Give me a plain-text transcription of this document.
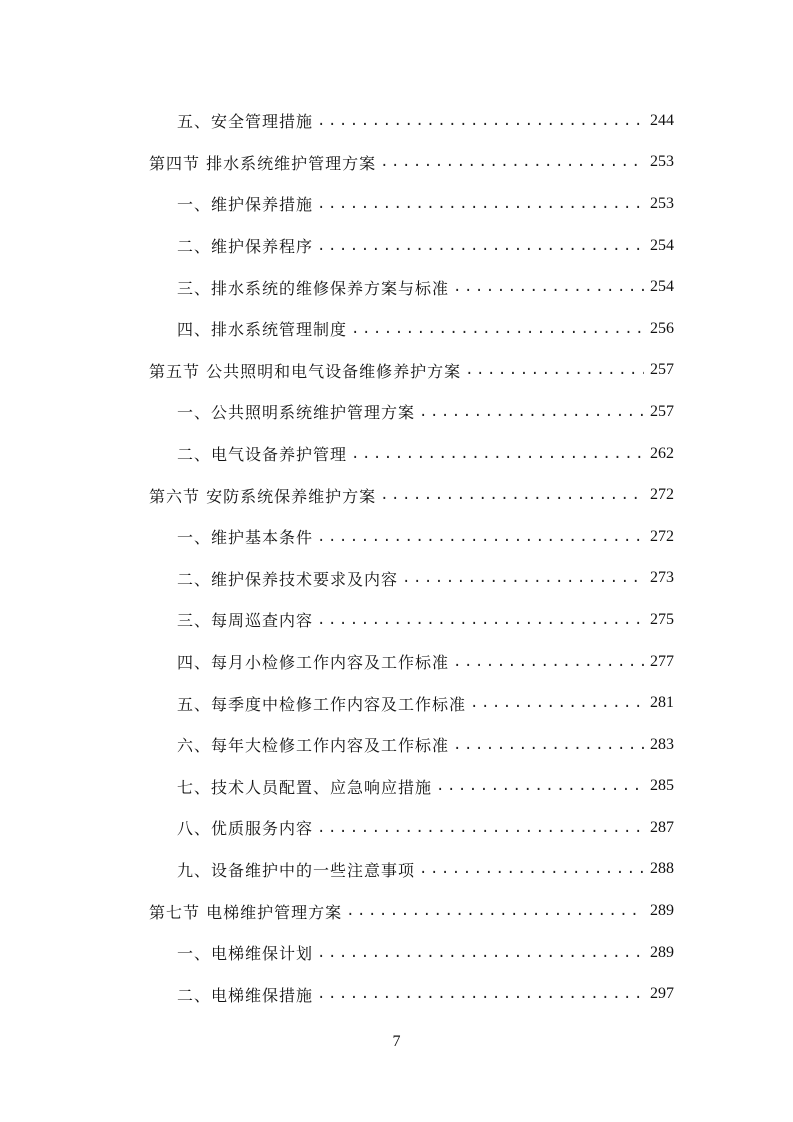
五、安全管理措施 .....	244
第四节 排水系统维护管理方案 .....	253
一、维护保养措施 .....	253
二、维护保养程序 .....	254
三、排水系统的维修保养方案与标准 .....	254
四、排水系统管理制度 .....	256
第五节 公共照明和电气设备维修养护方案 .....	257
一、公共照明系统维护管理方案 .....	257
二、电气设备养护管理 .....	262
第六节 安防系统保养维护方案 .....	272
一、维护基本条件 .....	272
二、维护保养技术要求及内容 .....	273
三、每周巡查内容 .....	275
四、每月小检修工作内容及工作标准 .....	277
五、每季度中检修工作内容及工作标准 .....	281
六、每年大检修工作内容及工作标准 .....	283
七、技术人员配置、应急响应措施 .....	285
八、优质服务内容 .....	287
九、设备维护中的一些注意事项 .....	288
第七节 电梯维护管理方案 .....	289
一、电梯维保计划 .....	289
二、电梯维保措施 .....	297
7
